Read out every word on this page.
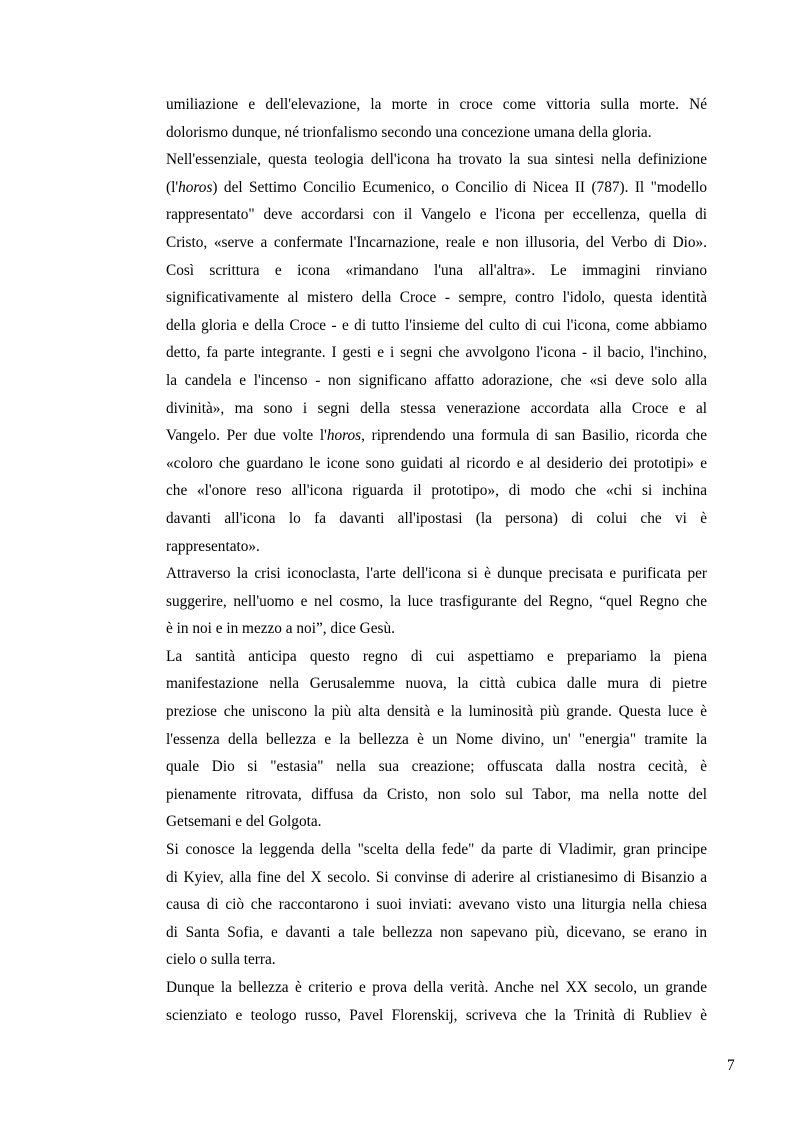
umiliazione e dell'elevazione, la morte in croce come vittoria sulla morte. Né
dolorismo dunque, né trionfalismo secondo una concezione umana della gloria.
Nell'essenziale, questa teologia dell'icona ha trovato la sua sintesi nella definizione
(l'horos) del Settimo Concilio Ecumenico, o Concilio di Nicea II (787). Il "modello
rappresentato" deve accordarsi con il Vangelo e l'icona per eccellenza, quella di
Cristo, «serve a confermate l'Incarnazione, reale e non illusoria, del Verbo di Dio».
Così scrittura e icona «rimandano l'una all'altra». Le immagini rinviano
significativamente al mistero della Croce - sempre, contro l'idolo, questa identità
della gloria e della Croce - e di tutto l'insieme del culto di cui l'icona, come abbiamo
detto, fa parte integrante. I gesti e i segni che avvolgono l'icona - il bacio, l'inchino,
la candela e l'incenso - non significano affatto adorazione, che «si deve solo alla
divinità», ma sono i segni della stessa venerazione accordata alla Croce e al
Vangelo. Per due volte l'horos, riprendendo una formula di san Basilio, ricorda che
«coloro che guardano le icone sono guidati al ricordo e al desiderio dei prototipi» e
che «l'onore reso all'icona riguarda il prototipo», di modo che «chi si inchina
davanti all'icona lo fa davanti all'ipostasi (la persona) di colui che vi è
rappresentato».
Attraverso la crisi iconoclasta, l'arte dell'icona si è dunque precisata e purificata per
suggerire, nell'uomo e nel cosmo, la luce trasfigurante del Regno, “quel Regno che
è in noi e in mezzo a noi”, dice Gesù.
La santità anticipa questo regno di cui aspettiamo e prepariamo la piena
manifestazione nella Gerusalemme nuova, la città cubica dalle mura di pietre
preziose che uniscono la più alta densità e la luminosità più grande. Questa luce è
l'essenza della bellezza e la bellezza è un Nome divino, un' "energia" tramite la
quale Dio si "estasia" nella sua creazione; offuscata dalla nostra cecità, è
pienamente ritrovata, diffusa da Cristo, non solo sul Tabor, ma nella notte del
Getsemani e del Golgota.
Si conosce la leggenda della "scelta della fede" da parte di Vladimir, gran principe
di Kyiev, alla fine del X secolo. Si convinse di aderire al cristianesimo di Bisanzio a
causa di ciò che raccontarono i suoi inviati: avevano visto una liturgia nella chiesa
di Santa Sofia, e davanti a tale bellezza non sapevano più, dicevano, se erano in
cielo o sulla terra.
Dunque la bellezza è criterio e prova della verità. Anche nel XX secolo, un grande
scienziato e teologo russo, Pavel Florenskij, scriveva che la Trinità di Rubliev è
7
